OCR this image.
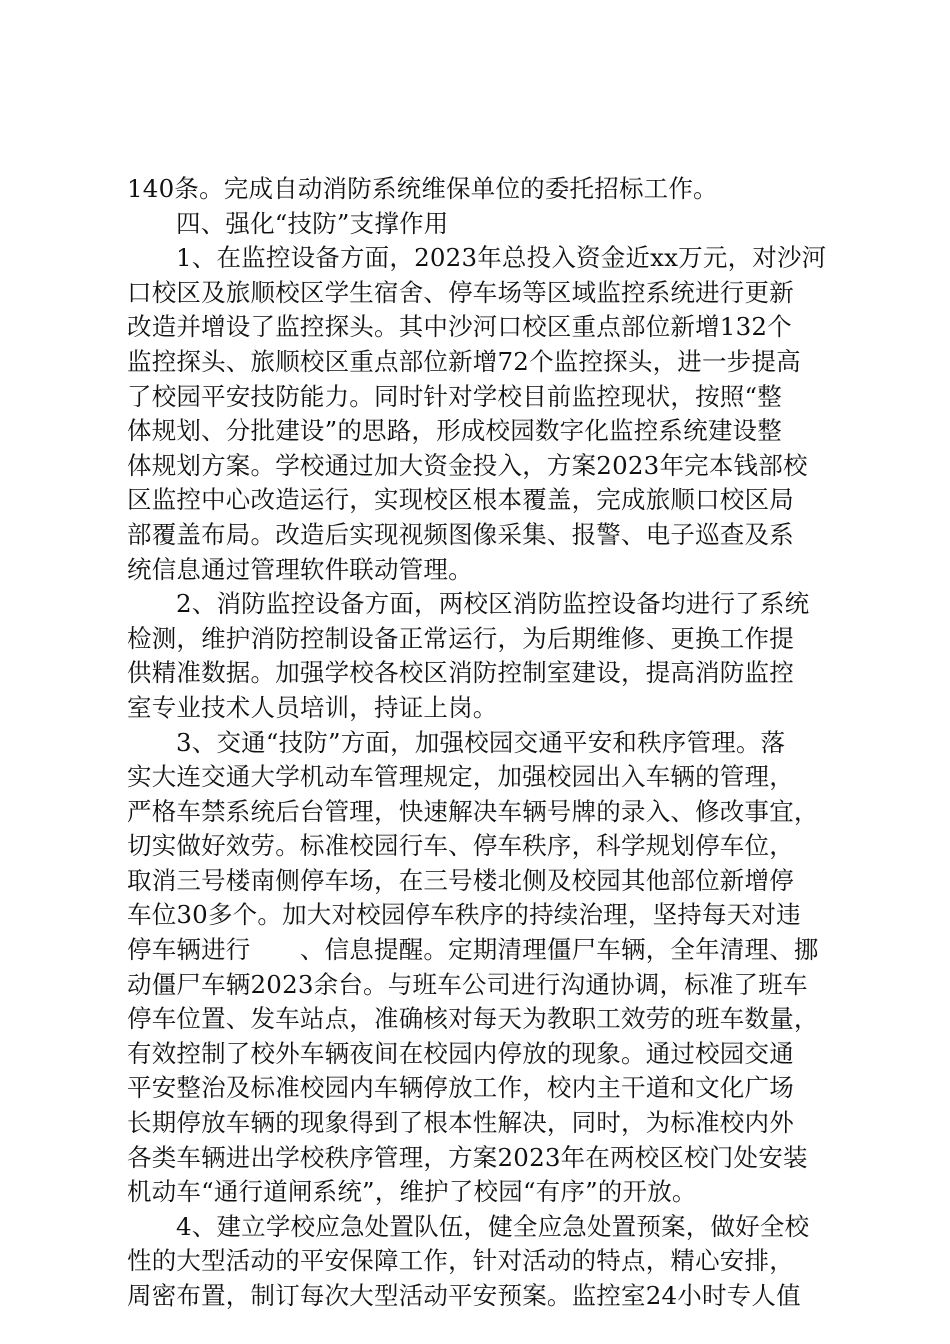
140条。完成自动消防系统维保单位的委托招标工作。
四、强化“技防”支撑作用
1、在监控设备方面，2023年总投入资金近xx万元，对沙河
口校区及旅顺校区学生宿舍、停车场等区域监控系统进行更新
改造并增设了监控探头。其中沙河口校区重点部位新增132个
监控探头、旅顺校区重点部位新增72个监控探头，进一步提高
了校园平安技防能力。同时针对学校目前监控现状，按照“整
体规划、分批建设”的思路，形成校园数字化监控系统建设整
体规划方案。学校通过加大资金投入，方案2023年完本钱部校
区监控中心改造运行，实现校区根本覆盖，完成旅顺口校区局
部覆盖布局。改造后实现视频图像采集、报警、电子巡查及系
统信息通过管理软件联动管理。
2、消防监控设备方面，两校区消防监控设备均进行了系统
检测，维护消防控制设备正常运行，为后期维修、更换工作提
供精准数据。加强学校各校区消防控制室建设，提高消防监控
室专业技术人员培训，持证上岗。
3、交通“技防”方面，加强校园交通平安和秩序管理。落
实大连交通大学机动车管理规定，加强校园出入车辆的管理，
严格车禁系统后台管理，快速解决车辆号牌的录入、修改事宜，
切实做好效劳。标准校园行车、停车秩序，科学规划停车位，
取消三号楼南侧停车场，在三号楼北侧及校园其他部位新增停
车位30多个。加大对校园停车秩序的持续治理，坚持每天对违
停车辆进行　　、信息提醒。定期清理僵尸车辆，全年清理、挪
动僵尸车辆2023余台。与班车公司进行沟通协调，标准了班车
停车位置、发车站点，准确核对每天为教职工效劳的班车数量，
有效控制了校外车辆夜间在校园内停放的现象。通过校园交通
平安整治及标准校园内车辆停放工作，校内主干道和文化广场
长期停放车辆的现象得到了根本性解决，同时，为标准校内外
各类车辆进出学校秩序管理，方案2023年在两校区校门处安装
机动车“通行道闸系统”，维护了校园“有序”的开放。
4、建立学校应急处置队伍，健全应急处置预案，做好全校
性的大型活动的平安保障工作，针对活动的特点，精心安排，
周密布置，制订每次大型活动平安预案。监控室24小时专人值
